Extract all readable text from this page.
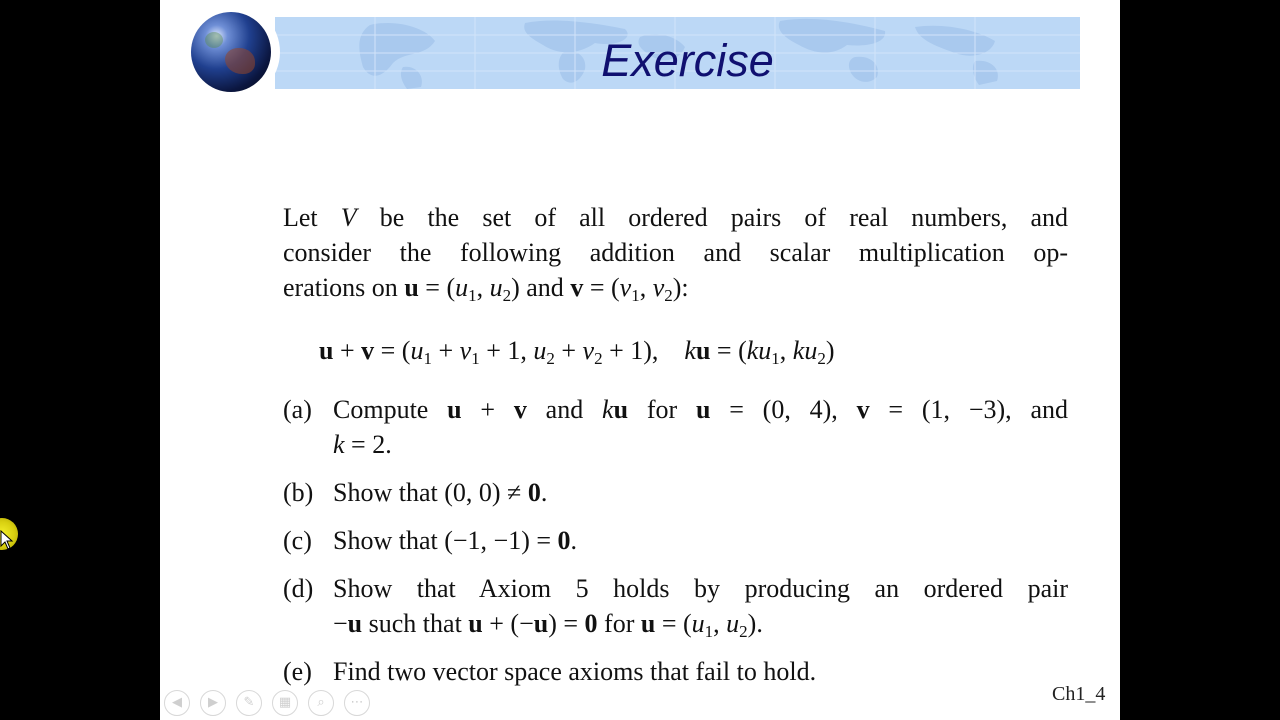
Exercise
Let V be the set of all ordered pairs of real numbers, and
consider the following addition and scalar multiplication op-
erations on $u = (u_1$, $u_2$) and $v = (v_1$, $v_2$):
$u + v = (u_1 + v_1 + 1$, $u_2 + v_2 + 1$),    ku = ($ku_1$, $ku_2$)
(a) Compute u + v and ku for u = (0, 4), v = (1, −3), and
k = 2.
(b) Show that (0, 0) ≠ 0.
(c) Show that (−1, −1) = 0.
(d) Show that Axiom 5 holds by producing an ordered pair
−u such that u + (−u) = 0 for $u = (u_1$, $u_2$).
(e) Find two vector space axioms that fail to hold.
Ch1_4
◀	▶	✎	▦	⌕	⋯
